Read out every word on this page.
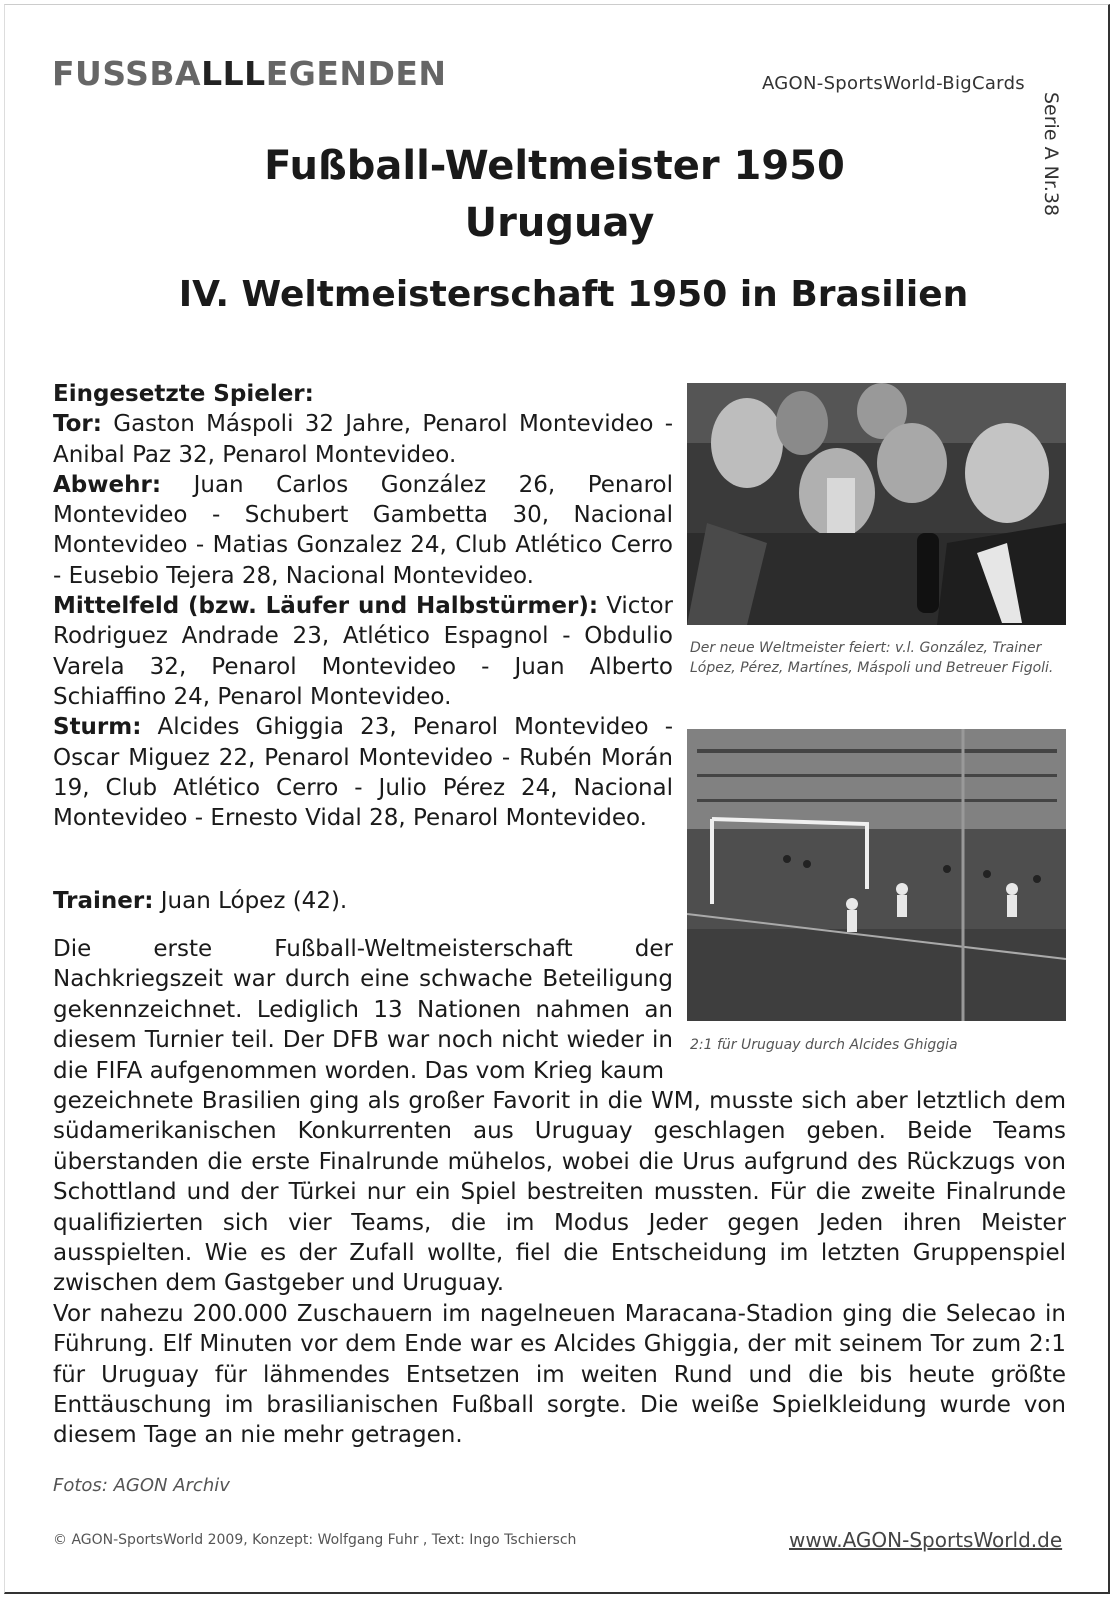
FUSSBALLLEGENDEN	AGON-SportsWorld-BigCards
Serie A Nr.38
Fußball-Weltmeister 1950
Uruguay
IV. Weltmeisterschaft 1950 in Brasilien

Eingesetzte Spieler:

Tor: Gaston Máspoli 32 Jahre, Penarol Montevideo - Anibal Paz 32, Penarol Montevideo.

Abwehr: Juan Carlos González 26, Penarol Montevideo - Schubert Gambetta 30, Nacional Montevideo - Matias Gonzalez 24, Club Atlético Cerro - Eusebio Tejera 28, Nacional Montevideo.

Mittelfeld (bzw. Läufer und Halbstürmer): Victor Rodriguez Andrade 23, Atlético Espagnol - Obdulio Varela 32, Penarol Montevideo - Juan Alberto Schiaffino 24, Penarol Montevideo.

Sturm: Alcides Ghiggia 23, Penarol Montevideo - Oscar Miguez 22, Penarol Montevideo - Rubén Morán 19, Club Atlético Cerro - Julio Pérez 24, Nacional Montevideo - Ernesto Vidal 28, Penarol Montevideo.

Trainer: Juan López (42).

Die erste Fußball-Weltmeisterschaft der Nachkriegszeit war durch eine schwache Beteiligung gekennzeichnet. Lediglich 13 Nationen nahmen an diesem Turnier teil. Der DFB war noch nicht wieder in die FIFA aufgenommen worden. Das vom Krieg kaum

gezeichnete Brasilien ging als großer Favorit in die WM, musste sich aber letztlich dem südamerikanischen Konkurrenten aus Uruguay geschlagen geben. Beide Teams überstanden die erste Finalrunde mühelos, wobei die Urus aufgrund des Rückzugs von Schottland und der Türkei nur ein Spiel bestreiten mussten. Für die zweite Finalrunde qualifizierten sich vier Teams, die im Modus Jeder gegen Jeden ihren Meister ausspielten. Wie es der Zufall wollte, fiel die Entscheidung im letzten Gruppenspiel zwischen dem Gastgeber und Uruguay.

Vor nahezu 200.000 Zuschauern im nagelneuen Maracana-Stadion ging die Selecao in Führung. Elf Minuten vor dem Ende war es Alcides Ghiggia, der mit seinem Tor zum 2:1 für Uruguay für lähmendes Entsetzen im weiten Rund und die bis heute größte Enttäuschung im brasilianischen Fußball sorgte. Die weiße Spielkleidung wurde von diesem Tage an nie mehr getragen.

Der neue Weltmeister feiert: v.l. González, Trainer López, Pérez, Martínes, Máspoli und Betreuer Figoli.
2:1 für Uruguay durch Alcides Ghiggia
Fotos: AGON Archiv
© AGON-SportsWorld 2009, Konzept: Wolfgang Fuhr , Text: Ingo Tschiersch	www.AGON-SportsWorld.de
